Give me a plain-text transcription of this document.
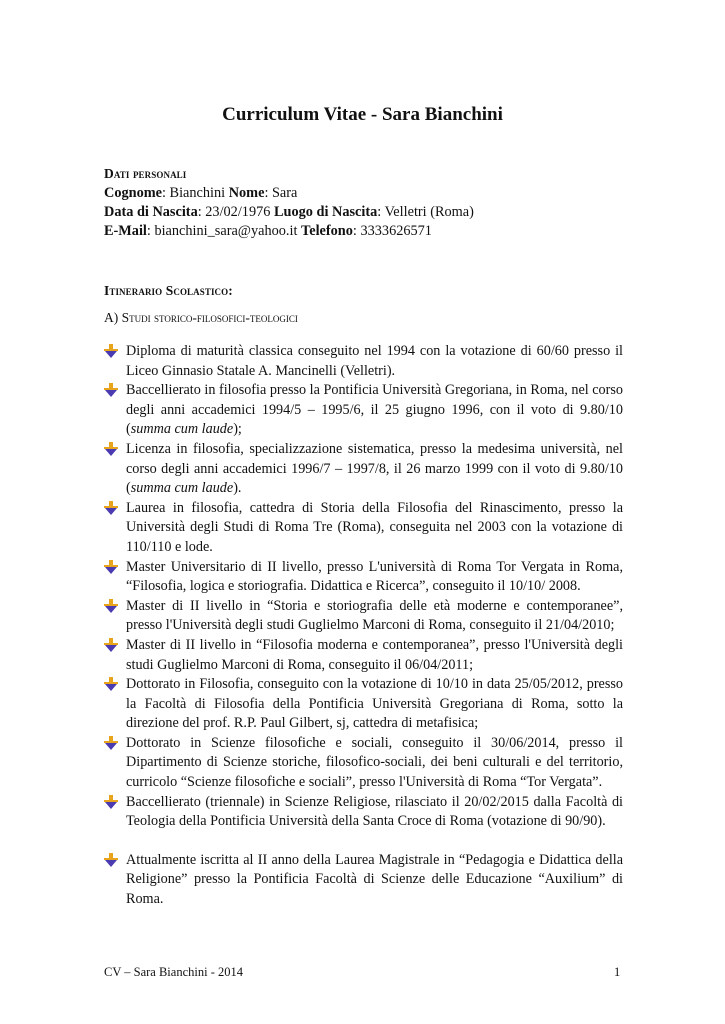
Curriculum Vitae - Sara Bianchini
Dati personali
Cognome: Bianchini Nome: Sara
Data di Nascita: 23/02/1976 Luogo di Nascita: Velletri (Roma)
E-Mail: bianchini_sara@yahoo.it Telefono: 3333626571
Itinerario Scolastico:
A) Studi storico-filosofici-teologici
Diploma di maturità classica conseguito nel 1994 con la votazione di 60/60 presso il Liceo Ginnasio Statale A. Mancinelli (Velletri).
Baccellierato in filosofia presso la Pontificia Università Gregoriana, in Roma, nel corso degli anni accademici 1994/5 – 1995/6, il 25 giugno 1996, con il voto di 9.80/10 (summa cum laude);
Licenza in filosofia, specializzazione sistematica, presso la medesima università, nel corso degli anni accademici 1996/7 – 1997/8, il 26 marzo 1999 con il voto di 9.80/10 (summa cum laude).
Laurea in filosofia, cattedra di Storia della Filosofia del Rinascimento, presso la Università degli Studi di Roma Tre (Roma), conseguita nel 2003 con la votazione di 110/110 e lode.
Master Universitario di II livello, presso L'università di Roma Tor Vergata in Roma, “Filosofia, logica e storiografia. Didattica e Ricerca”, conseguito il 10/10/ 2008.
Master di II livello in “Storia e storiografia delle età moderne e contemporanee”, presso l'Università degli studi Guglielmo Marconi di Roma, conseguito il 21/04/2010;
Master di II livello in “Filosofia moderna e contemporanea”, presso l'Università degli studi Guglielmo Marconi di Roma, conseguito il 06/04/2011;
Dottorato in Filosofia, conseguito con la votazione di 10/10 in data 25/05/2012, presso la Facoltà di Filosofia della Pontificia Università Gregoriana di Roma, sotto la direzione del prof. R.P. Paul Gilbert, sj, cattedra di metafisica;
Dottorato in Scienze filosofiche e sociali, conseguito il 30/06/2014, presso il Dipartimento di Scienze storiche, filosofico-sociali, dei beni culturali e del territorio, curricolo “Scienze filosofiche e sociali”, presso l'Università di Roma “Tor Vergata”.
Baccellierato (triennale) in Scienze Religiose, rilasciato il 20/02/2015 dalla Facoltà di Teologia della Pontificia Università della Santa Croce di Roma (votazione di 90/90).
Attualmente iscritta al II anno della Laurea Magistrale in “Pedagogia e Didattica della Religione” presso la Pontificia Facoltà di Scienze delle Educazione “Auxilium” di Roma.
CV – Sara Bianchini - 2014	1
